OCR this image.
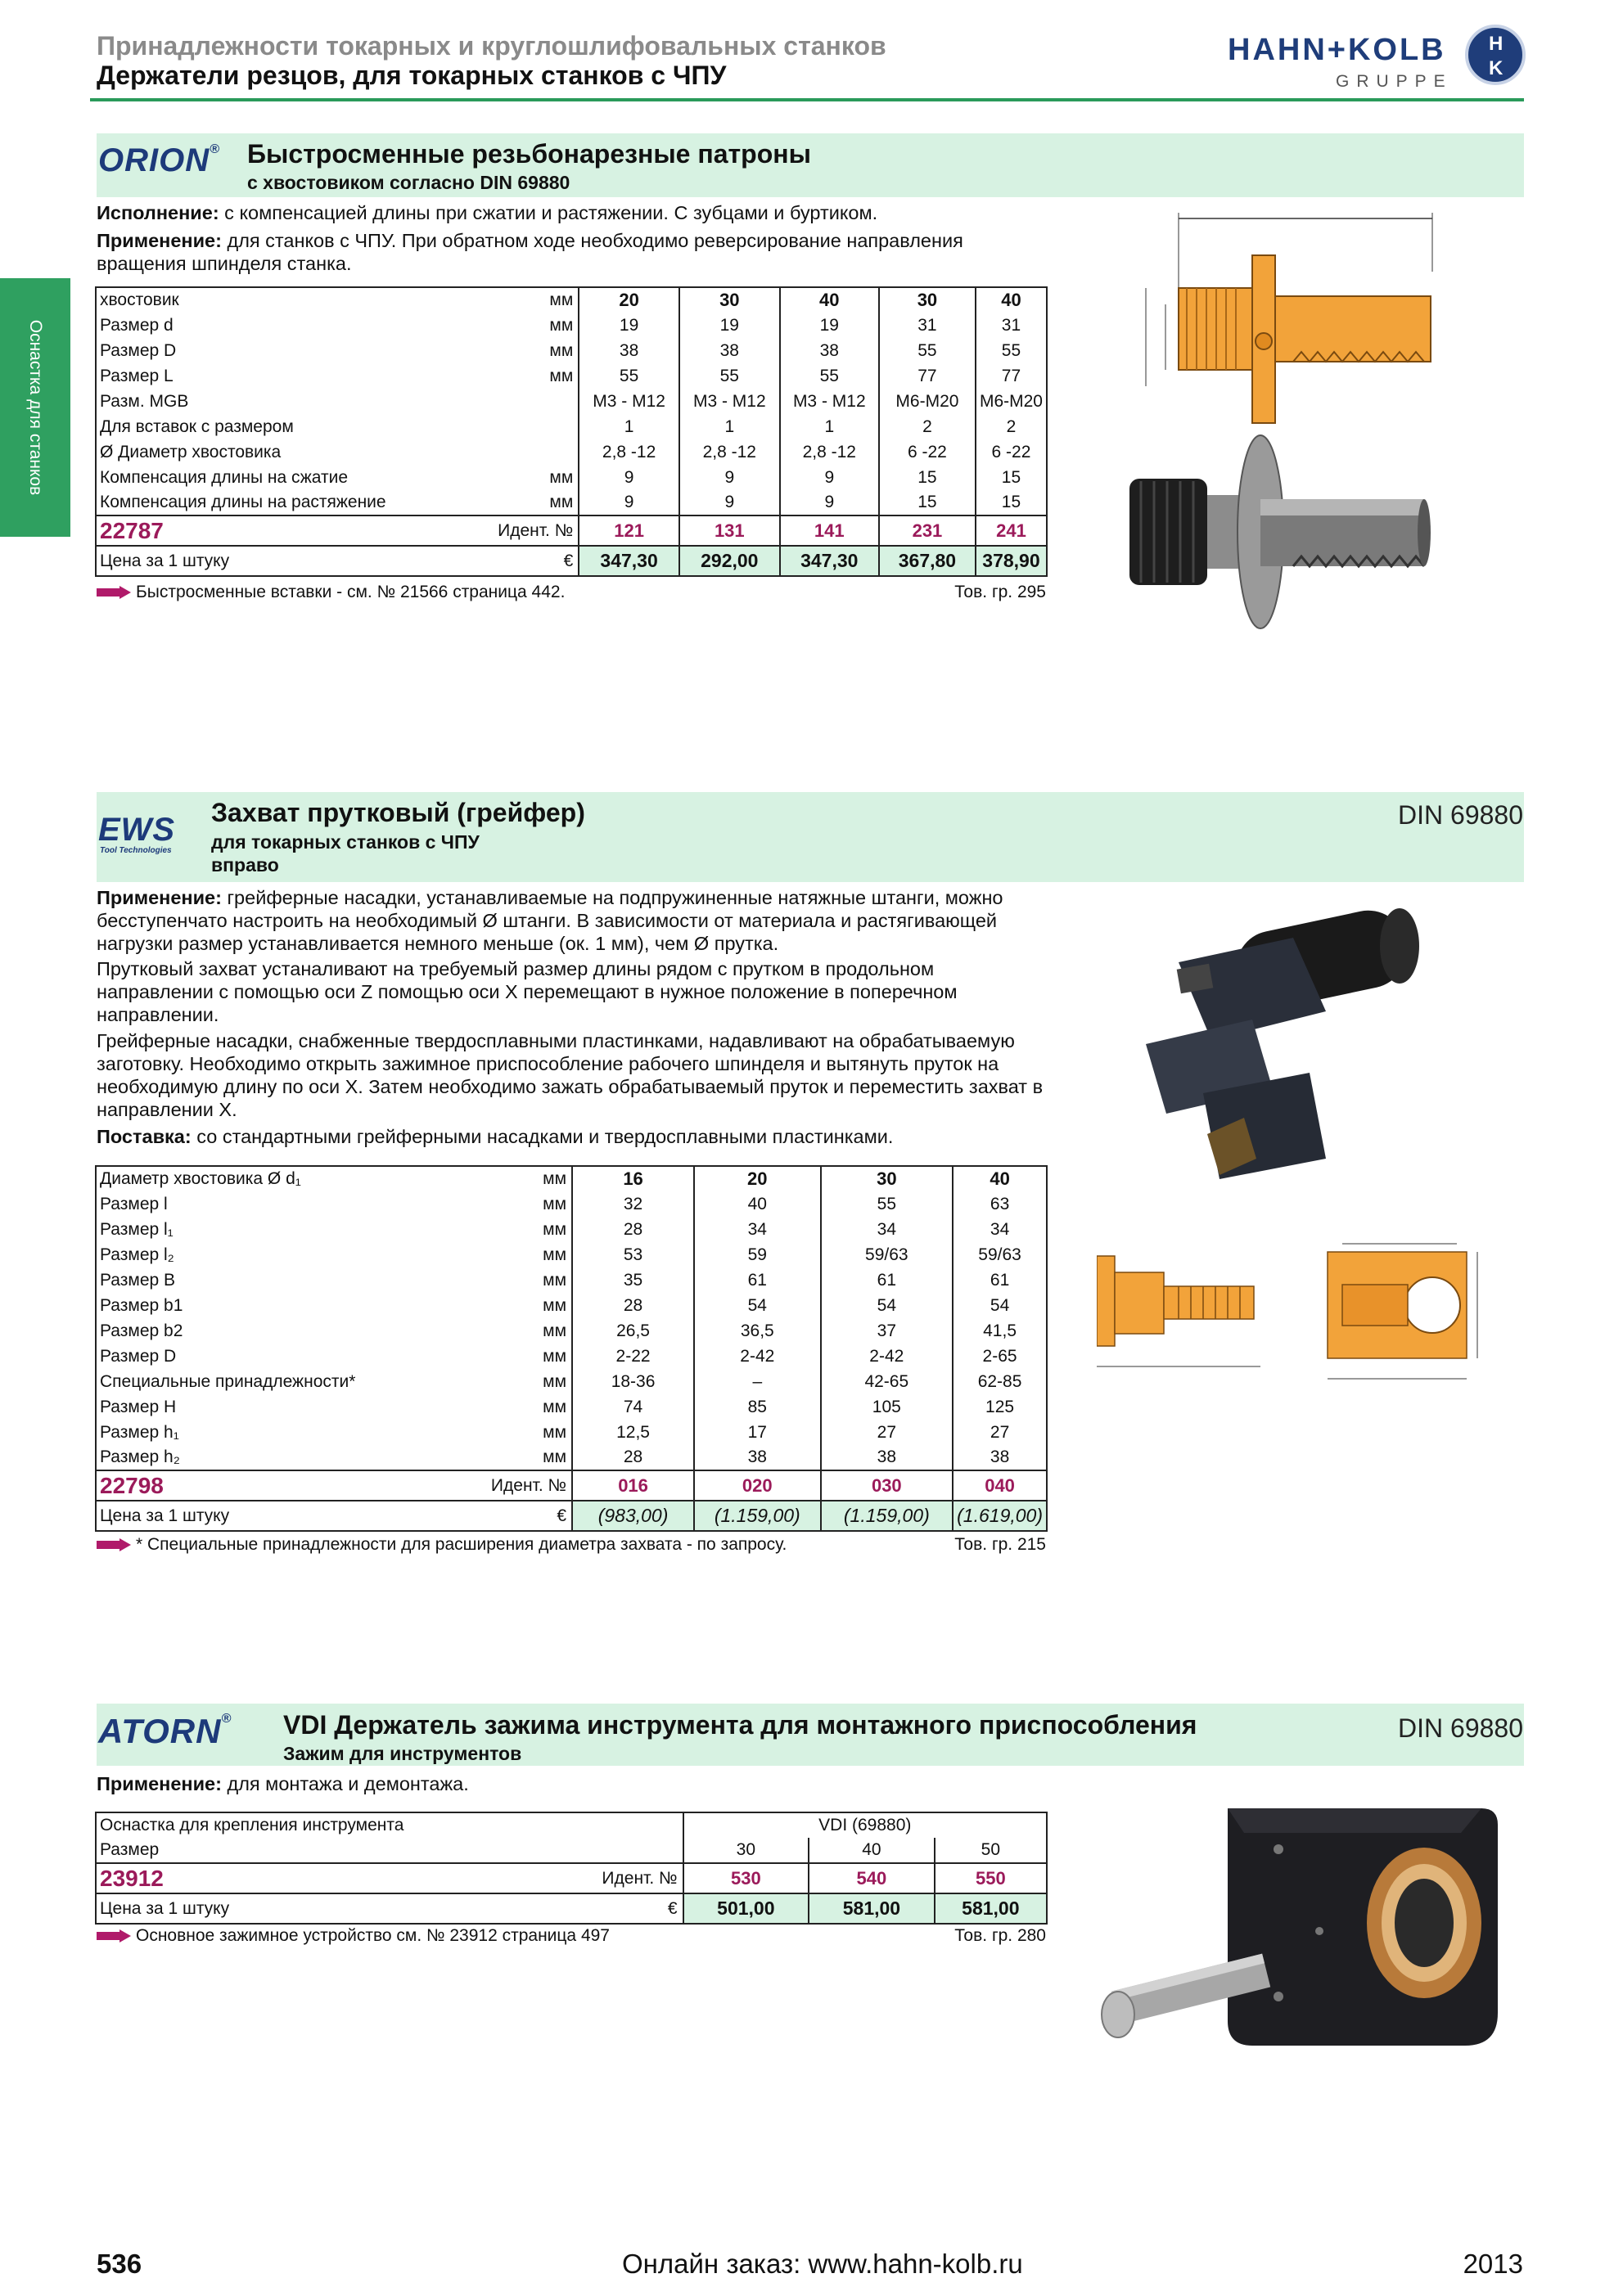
Принадлежности токарных и круглошлифовальных станков
Держатели резцов, для токарных станков с ЧПУ
HAHN+KOLB
GRUPPE
H
K
Оснастка для станков
ORION® Быстросменные резьбонарезные патроны
с хвостовиком согласно DIN 69880
Исполнение: с компенсацией длины при сжатии и растяжении. С зубцами и буртиком.
Применение: для станков с ЧПУ. При обратном ходе необходимо реверсирование направления вращения шпинделя станка.
хвостовик	мм	20	30	40	30	40
Размер d	мм	19	19	19	31	31
Размер D	мм	38	38	38	55	55
Размер L	мм	55	55	55	77	77
Разм. MGB		M3 - M12	M3 - M12	M3 - M12	M6-M20	M6-M20
Для вставок с размером		1	1	1	2	2
Ø Диаметр хвостовика		2,8 -12	2,8 -12	2,8 -12	6 -22	6 -22
Компенсация длины на сжатие	мм	9	9	9	15	15
Компенсация длины на растяжение	мм	9	9	9	15	15
22787	Идент. №	121	131	141	231	241
Цена за 1 штуку	€	347,30	292,00	347,30	367,80	378,90
Быстросменные вставки - см. № 21566 страница 442.	Тов. гр. 295
EWS
Tool Technologies
Захват прутковый (грейфер)
для токарных станков с ЧПУ
вправо
DIN 69880
Применение: грейферные насадки, устанавливаемые на подпружиненные натяжные штанги, можно бесступенчато настроить на необходимый Ø штанги. В зависимости от материала и растягивающей нагрузки размер устанавливается немного меньше (ок. 1 мм), чем Ø прутка.
Прутковый захват устаналивают на требуемый размер длины рядом с прутком в продольном направлении с помощью оси Z помощью оси X перемещают в нужное положение в поперечном направлении.
Грейферные насадки, снабженные твердосплавными пластинками, надавливают на обрабатываемую заготовку. Необходимо открыть зажимное приспособление рабочего шпинделя и вытянуть пруток на необходимую длину по оси X. Затем необходимо зажать обрабатываемый пруток и переместить захват в направлении X.
Поставка: со стандартными грейферными насадками и твердосплавными пластинками.
Диаметр хвостовика Ø d₁	мм	16	20	30	40
Размер l	мм	32	40	55	63
Размер l₁	мм	28	34	34	34
Размер l₂	мм	53	59	59/63	59/63
Размер B	мм	35	61	61	61
Размер b1	мм	28	54	54	54
Размер b2	мм	26,5	36,5	37	41,5
Размер D	мм	2-22	2-42	2-42	2-65
Специальные принадлежности*	мм	18-36	–	42-65	62-85
Размер H	мм	74	85	105	125
Размер h₁	мм	12,5	17	27	27
Размер h₂	мм	28	38	38	38
22798	Идент. №	016	020	030	040
Цена за 1 штуку	€	(983,00)	(1.159,00)	(1.159,00)	(1.619,00)
* Специальные принадлежности для расширения диаметра захвата - по запросу.	Тов. гр. 215
ATORN® VDI Держатель зажима инструмента для монтажного приспособления
Зажим для инструментов
DIN 69880
Применение: для монтажа и демонтажа.
Оснастка для крепления инструмента		VDI (69880)		
Размер		30	40	50
23912	Идент. №	530	540	550
Цена за 1 штуку	€	501,00	581,00	581,00
Основное зажимное устройство см. № 23912 страница 497	Тов. гр. 280
536	Онлайн заказ: www.hahn-kolb.ru	2013
